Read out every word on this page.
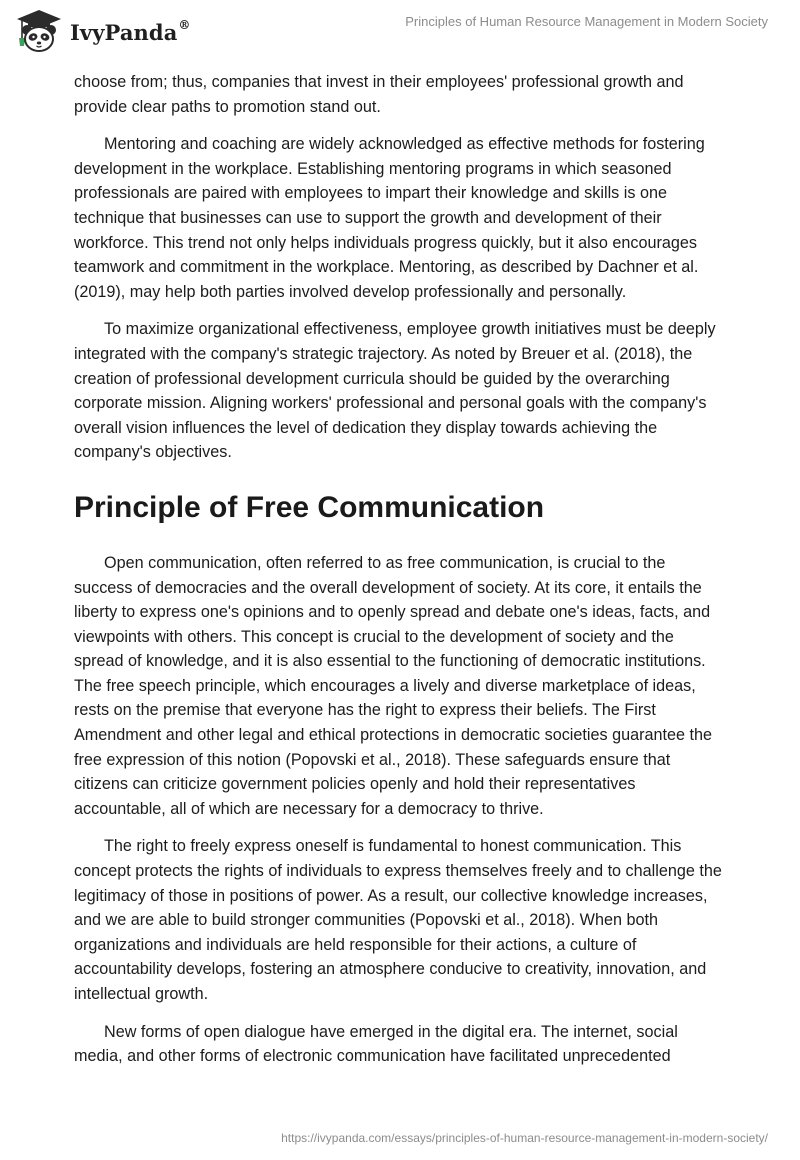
IvyPanda®	Principles of Human Resource Management in Modern Society

choose from; thus, companies that invest in their employees' professional growth and provide clear paths to promotion stand out.

Mentoring and coaching are widely acknowledged as effective methods for fostering development in the workplace. Establishing mentoring programs in which seasoned professionals are paired with employees to impart their knowledge and skills is one technique that businesses can use to support the growth and development of their workforce. This trend not only helps individuals progress quickly, but it also encourages teamwork and commitment in the workplace. Mentoring, as described by Dachner et al. (2019), may help both parties involved develop professionally and personally.

To maximize organizational effectiveness, employee growth initiatives must be deeply integrated with the company's strategic trajectory. As noted by Breuer et al. (2018), the creation of professional development curricula should be guided by the overarching corporate mission. Aligning workers' professional and personal goals with the company's overall vision influences the level of dedication they display towards achieving the company's objectives.

Principle of Free Communication

Open communication, often referred to as free communication, is crucial to the success of democracies and the overall development of society. At its core, it entails the liberty to express one's opinions and to openly spread and debate one's ideas, facts, and viewpoints with others. This concept is crucial to the development of society and the spread of knowledge, and it is also essential to the functioning of democratic institutions. The free speech principle, which encourages a lively and diverse marketplace of ideas, rests on the premise that everyone has the right to express their beliefs. The First Amendment and other legal and ethical protections in democratic societies guarantee the free expression of this notion (Popovski et al., 2018). These safeguards ensure that citizens can criticize government policies openly and hold their representatives accountable, all of which are necessary for a democracy to thrive.

The right to freely express oneself is fundamental to honest communication. This concept protects the rights of individuals to express themselves freely and to challenge the legitimacy of those in positions of power. As a result, our collective knowledge increases, and we are able to build stronger communities (Popovski et al., 2018). When both organizations and individuals are held responsible for their actions, a culture of accountability develops, fostering an atmosphere conducive to creativity, innovation, and intellectual growth.

New forms of open dialogue have emerged in the digital era. The internet, social media, and other forms of electronic communication have facilitated unprecedented

https://ivypanda.com/essays/principles-of-human-resource-management-in-modern-society/
